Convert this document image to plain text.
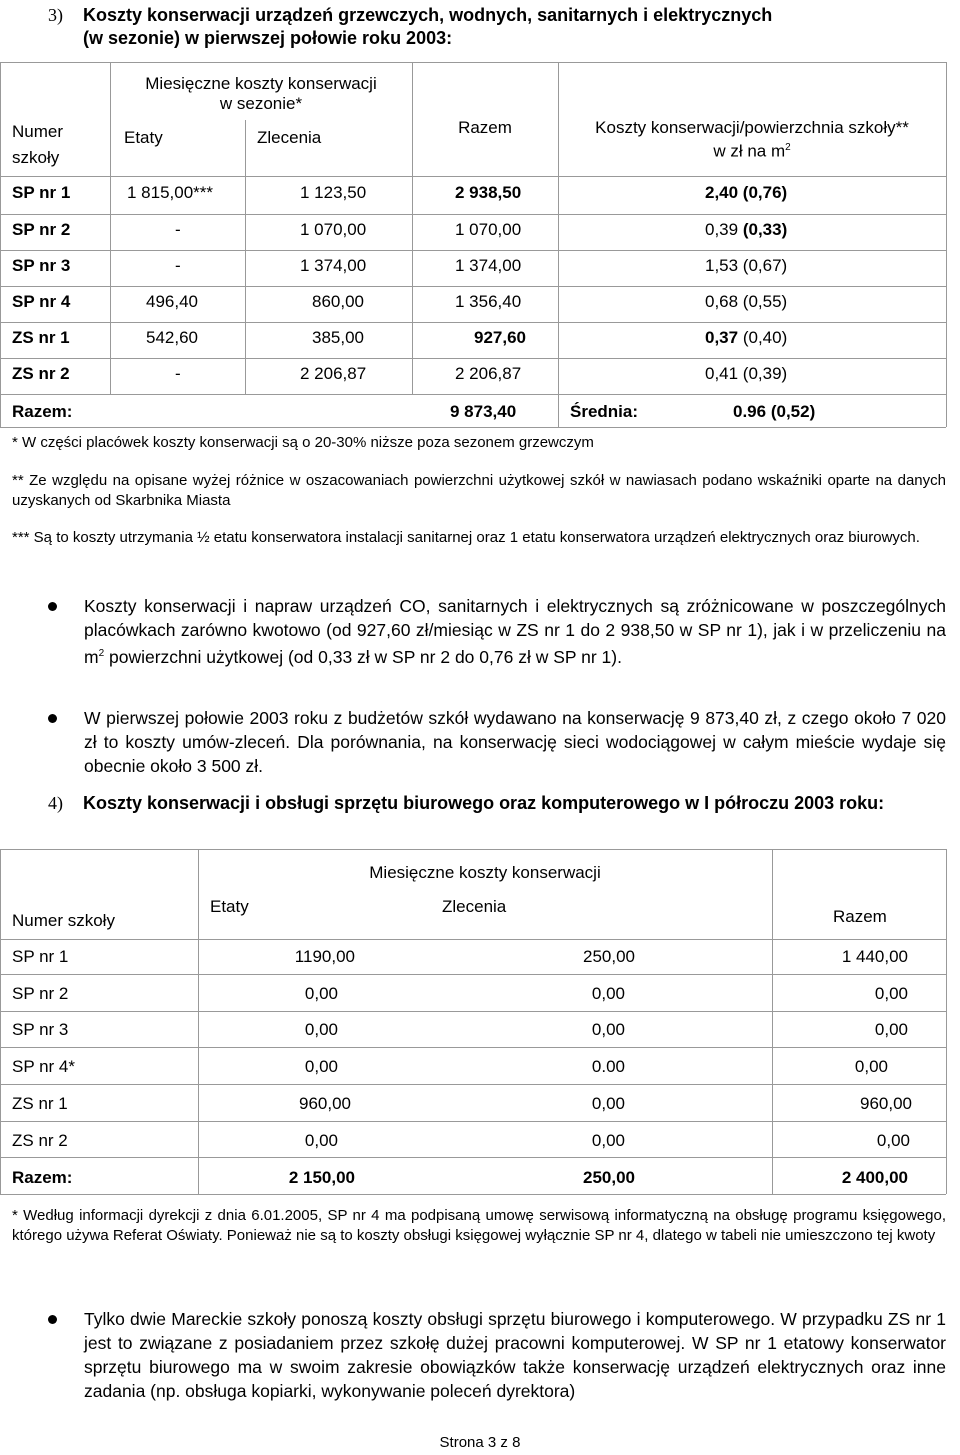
3) Koszty konserwacji urządzeń grzewczych, wodnych, sanitarnych i elektrycznych
(w sezonie) w pierwszej połowie roku 2003:
Numer
szkoły
Miesięczne koszty konserwacji
w sezonie*
Etaty	Zlecenia
Razem	Koszty konserwacji/powierzchnia szkoły**
w zł na $m^2$
SP nr 1	1 815,00***	1 123,50	2 938,50	2,40 (0,76)
SP nr 2	-	1 070,00	1 070,00	0,39 (0,33)
SP nr 3	-	1 374,00	1 374,00	1,53 (0,67)
SP nr 4	496,40	860,00	1 356,40	0,68 (0,55)
ZS nr 1	542,60	385,00	927,60	0,37 (0,40)
ZS nr 2	-	2 206,87	2 206,87	0,41 (0,39)
Razem:	9 873,40	Średnia:	0.96 (0,52)
* W części placówek koszty konserwacji są o 20-30% niższe poza sezonem grzewczym
** Ze względu na opisane wyżej różnice w oszacowaniach powierzchni użytkowej szkół w nawiasach podano wskaźniki oparte na danych uzyskanych od Skarbnika Miasta
*** Są to koszty utrzymania ½ etatu konserwatora instalacji sanitarnej oraz 1 etatu konserwatora urządzeń elektrycznych oraz biurowych.
Koszty konserwacji i napraw urządzeń CO, sanitarnych i elektrycznych są zróżnicowane w poszczególnych placówkach zarówno kwotowo (od 927,60 zł/miesiąc w ZS nr 1 do 2 938,50 w SP nr 1), jak i w przeliczeniu na $m^2$ powierzchni użytkowej (od 0,33 zł w SP nr 2 do 0,76 zł w SP nr 1).
W pierwszej połowie 2003 roku z budżetów szkół wydawano na konserwację 9 873,40 zł, z czego około 7 020 zł to koszty umów-zleceń. Dla porównania, na konserwację sieci wodociągowej w całym mieście wydaje się obecnie około 3 500 zł.
4) Koszty konserwacji i obsługi sprzętu biurowego oraz komputerowego w I półroczu 2003 roku:
Miesięczne koszty konserwacji
Numer szkoły
Etaty	Zlecenia
Razem
SP nr 1	1190,00	250,00	1 440,00
SP nr 2	0,00	0,00	0,00
SP nr 3	0,00	0,00	0,00
SP nr 4*	0,00	0.00	0,00
ZS nr 1	960,00	0,00	960,00
ZS nr 2	0,00	0,00	0,00
Razem:	2 150,00	250,00	2 400,00
* Według informacji dyrekcji z dnia 6.01.2005, SP nr 4 ma podpisaną umowę serwisową informatyczną na obsługę programu księgowego, którego używa Referat Oświaty. Ponieważ nie są to koszty obsługi księgowej wyłącznie SP nr 4, dlatego w tabeli nie umieszczono tej kwoty
Tylko dwie Mareckie szkoły ponoszą koszty obsługi sprzętu biurowego i komputerowego. W przypadku ZS nr 1 jest to związane z posiadaniem przez szkołę dużej pracowni komputerowej. W SP nr 1 etatowy konserwator sprzętu biurowego ma w swoim zakresie obowiązków także konserwację urządzeń elektrycznych oraz inne zadania (np. obsługa kopiarki, wykonywanie poleceń dyrektora)
Strona 3 z 8
